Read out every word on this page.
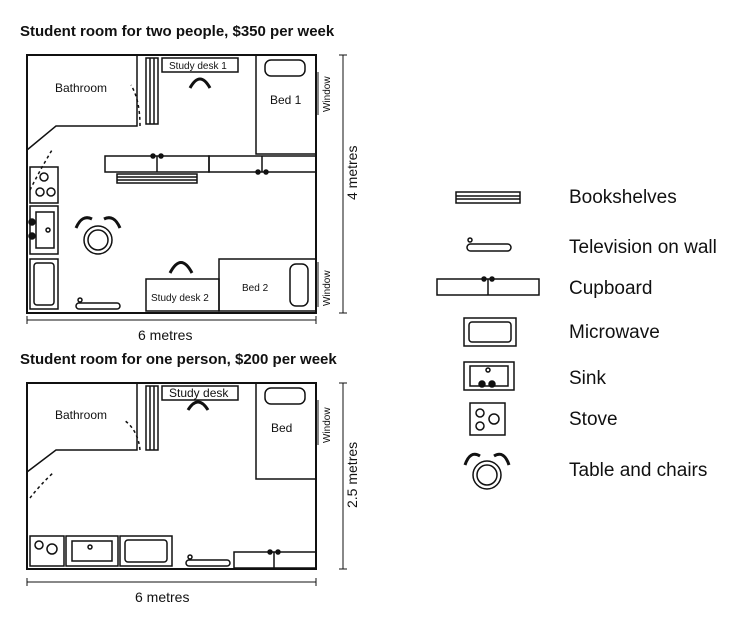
Student room for two people, $350 per week
Bathroom
Study desk 1
Bed 1 Window
Study desk 2
Bed 2	Window
6 metres
4 metres
Student room for one person, $200 per week
Bathroom
Study desk
Bed	Window
6 metres
2.5 metres
Bookshelves
Television on wall
Cupboard
Microwave
Sink
Stove
Table and chairs
